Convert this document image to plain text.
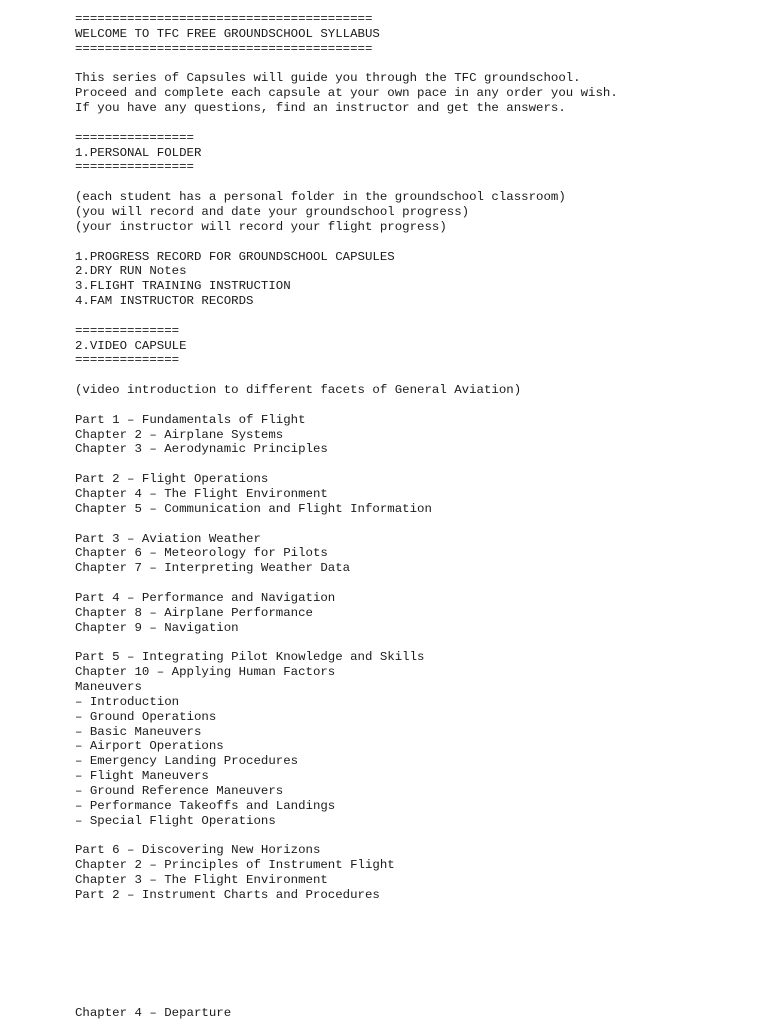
========================================
WELCOME TO TFC FREE GROUNDSCHOOL SYLLABUS
========================================
This series of Capsules will guide you through the TFC groundschool.
Proceed and complete each capsule at your own pace in any order you wish.
If you have any questions, find an instructor and get the answers.
================
1.PERSONAL FOLDER
================
(each student has a personal folder in the groundschool classroom)
(you will record and date your groundschool progress)
(your instructor will record your flight progress)
1.PROGRESS RECORD FOR GROUNDSCHOOL CAPSULES
2.DRY RUN Notes
3.FLIGHT TRAINING INSTRUCTION
4.FAM INSTRUCTOR RECORDS
==============
2.VIDEO CAPSULE
==============
(video introduction to different facets of General Aviation)
Part 1 – Fundamentals of Flight
Chapter 2 – Airplane Systems
Chapter 3 – Aerodynamic Principles
Part 2 – Flight Operations
Chapter 4 – The Flight Environment
Chapter 5 – Communication and Flight Information
Part 3 – Aviation Weather
Chapter 6 – Meteorology for Pilots
Chapter 7 – Interpreting Weather Data
Part 4 – Performance and Navigation
Chapter 8 – Airplane Performance
Chapter 9 – Navigation
Part 5 – Integrating Pilot Knowledge and Skills
Chapter 10 – Applying Human Factors
Maneuvers
– Introduction
– Ground Operations
– Basic Maneuvers
– Airport Operations
– Emergency Landing Procedures
– Flight Maneuvers
– Ground Reference Maneuvers
– Performance Takeoffs and Landings
– Special Flight Operations
Part 6 – Discovering New Horizons
Chapter 2 – Principles of Instrument Flight
Chapter 3 – The Flight Environment
Part 2 – Instrument Charts and Procedures
Chapter 4 – Departure
